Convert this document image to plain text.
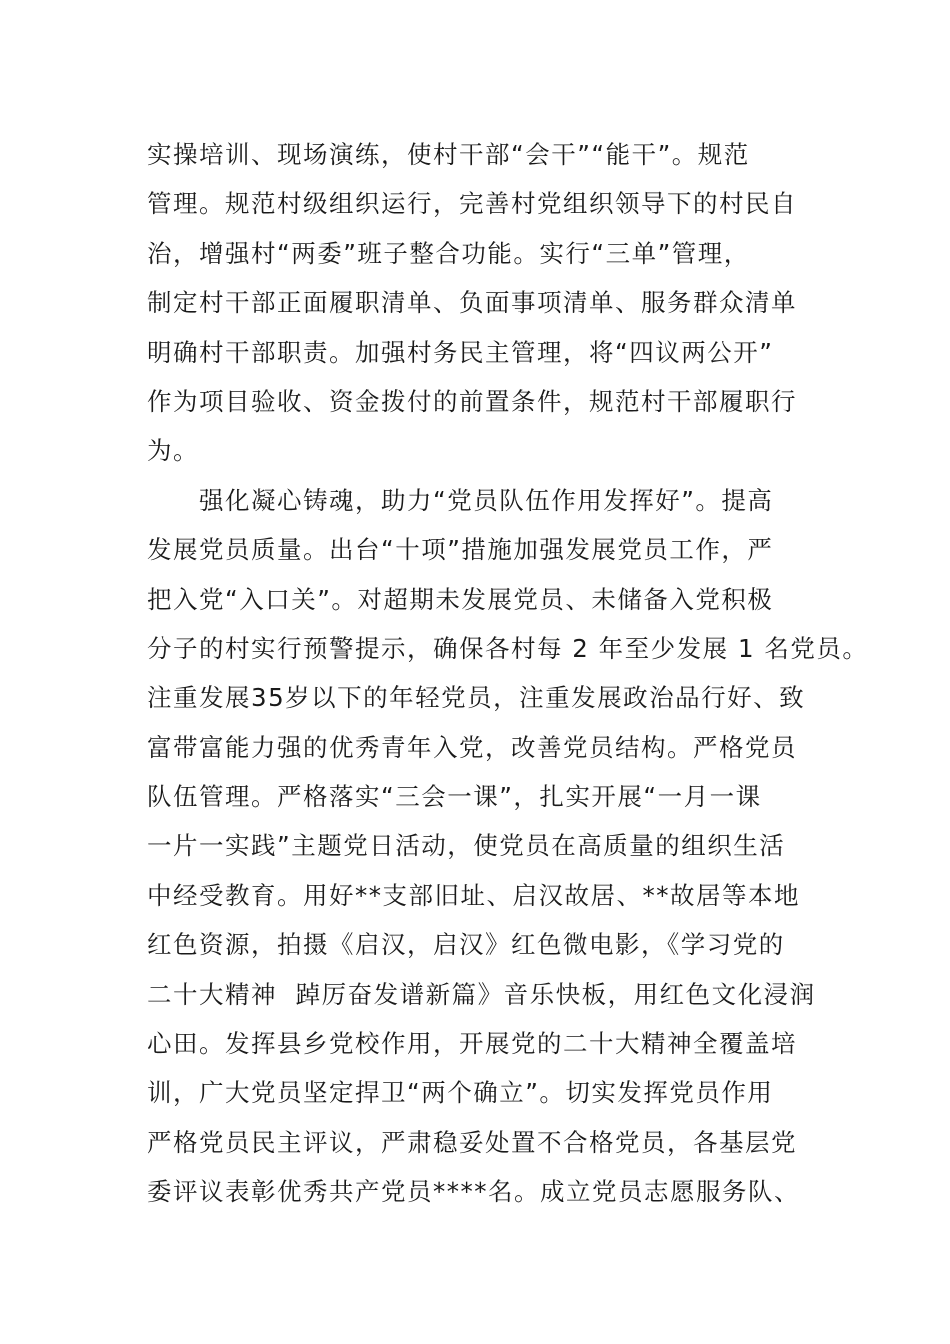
实操培训、现场演练，使村干部“会干”“能干”。规范
管理。规范村级组织运行，完善村党组织领导下的村民自
治，增强村“两委”班子整合功能。实行“三单”管理，
制定村干部正面履职清单、负面事项清单、服务群众清单
明确村干部职责。加强村务民主管理，将“四议两公开”
作为项目验收、资金拨付的前置条件，规范村干部履职行
为。
强化凝心铸魂，助力“党员队伍作用发挥好”。提高
发展党员质量。出台“十项”措施加强发展党员工作，严
把入党“入口关”。对超期未发展党员、未储备入党积极
分子的村实行预警提示，确保各村每 2 年至少发展 1 名党员。
注重发展35岁以下的年轻党员，注重发展政治品行好、致
富带富能力强的优秀青年入党，改善党员结构。严格党员
队伍管理。严格落实“三会一课”，扎实开展“一月一课
一片一实践”主题党日活动，使党员在高质量的组织生活
中经受教育。用好**支部旧址、启汉故居、**故居等本地
红色资源，拍摄《启汉，启汉》红色微电影，《学习党的
二十大精神  踔厉奋发谱新篇》音乐快板，用红色文化浸润
心田。发挥县乡党校作用，开展党的二十大精神全覆盖培
训，广大党员坚定捍卫“两个确立”。切实发挥党员作用
严格党员民主评议，严肃稳妥处置不合格党员，各基层党
委评议表彰优秀共产党员****名。成立党员志愿服务队、
